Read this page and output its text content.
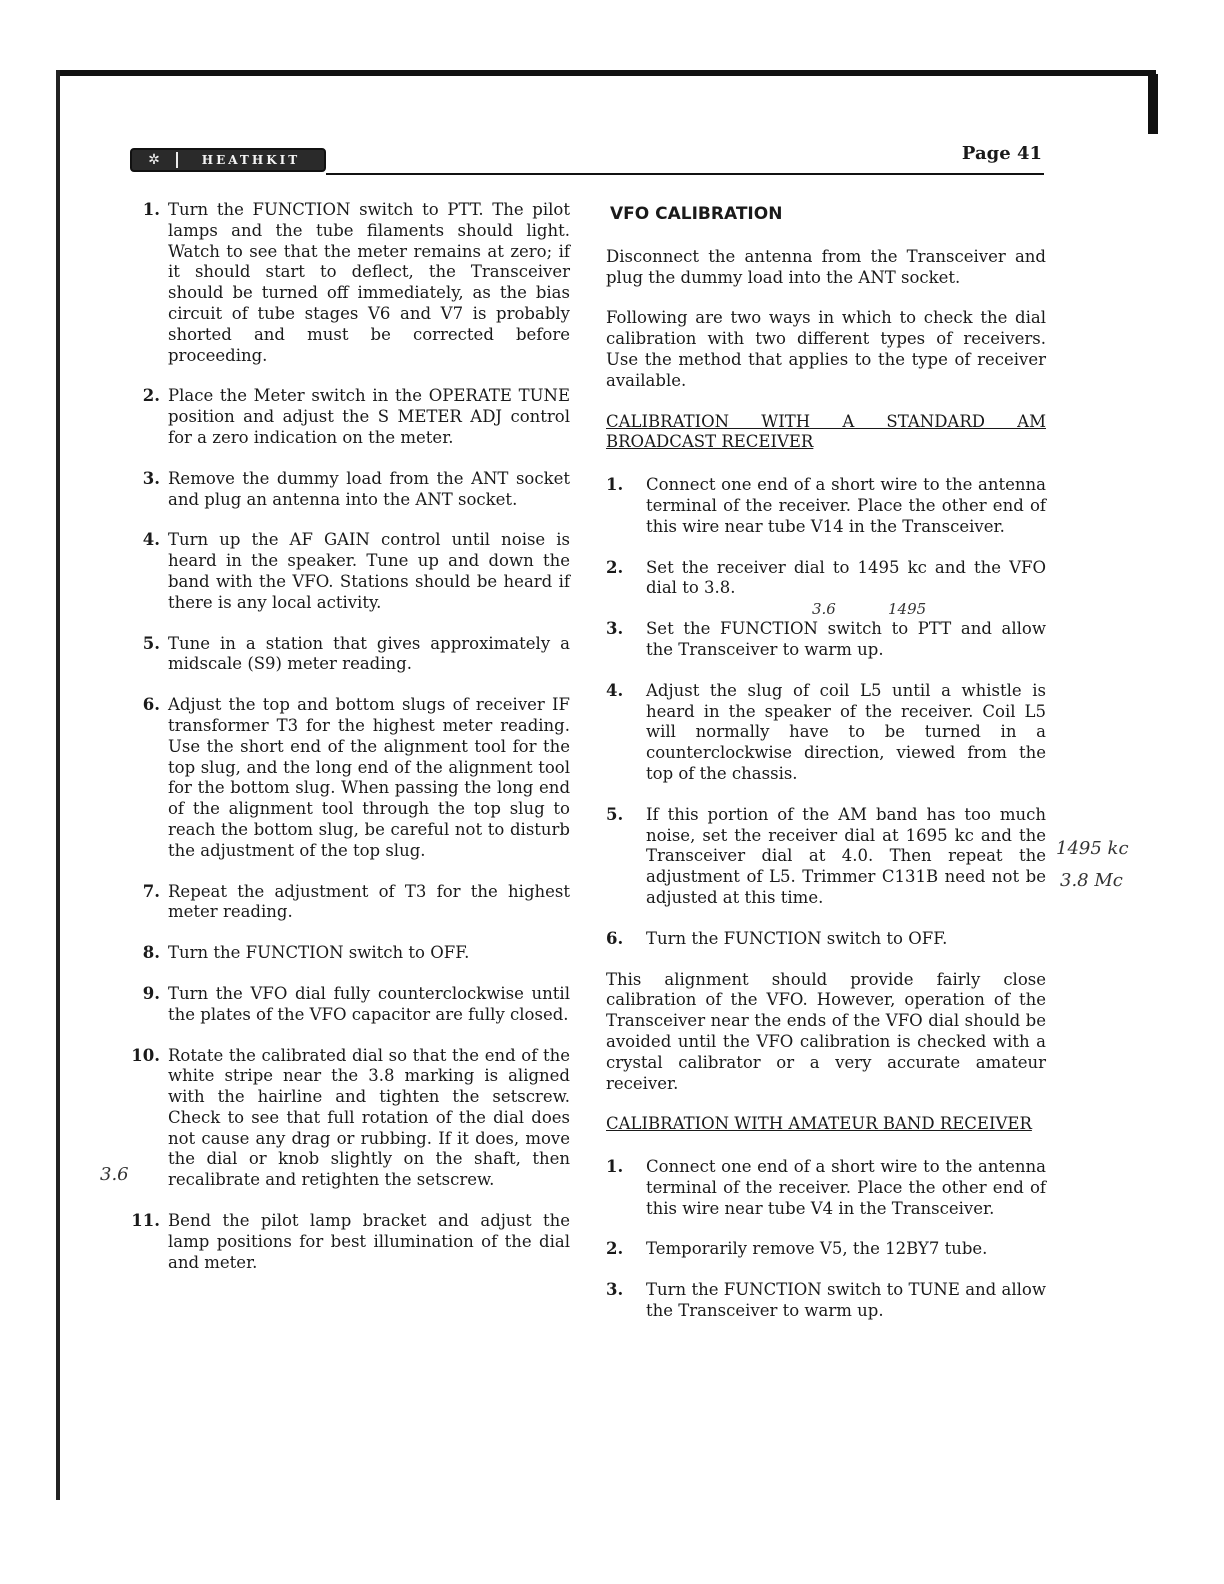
✲	HEATHKIT	Page 41
1. Turn the FUNCTION switch to PTT. The pilot lamps and the tube filaments should light. Watch to see that the meter remains at zero; if it should start to deflect, the Transceiver should be turned off immediately, as the bias circuit of tube stages V6 and V7 is probably shorted and must be corrected before proceeding.
2. Place the Meter switch in the OPERATE TUNE position and adjust the S METER ADJ control for a zero indication on the meter.
3. Remove the dummy load from the ANT socket and plug an antenna into the ANT socket.
4. Turn up the AF GAIN control until noise is heard in the speaker. Tune up and down the band with the VFO. Stations should be heard if there is any local activity.
5. Tune in a station that gives approximately a midscale (S9) meter reading.
6. Adjust the top and bottom slugs of receiver IF transformer T3 for the highest meter reading. Use the short end of the alignment tool for the top slug, and the long end of the alignment tool for the bottom slug. When passing the long end of the alignment tool through the top slug to reach the bottom slug, be careful not to disturb the adjustment of the top slug.
7. Repeat the adjustment of T3 for the highest meter reading.
8. Turn the FUNCTION switch to OFF.
9. Turn the VFO dial fully counterclockwise until the plates of the VFO capacitor are fully closed.
10. Rotate the calibrated dial so that the end of the white stripe near the 3.8 marking is aligned with the hairline and tighten the setscrew. Check to see that full rotation of the dial does not cause any drag or rubbing. If it does, move the dial or knob slightly on the shaft, then recalibrate and retighten the setscrew.
11. Bend the pilot lamp bracket and adjust the lamp positions for best illumination of the dial and meter.
VFO CALIBRATION

Disconnect the antenna from the Transceiver and plug the dummy load into the ANT socket.

Following are two ways in which to check the dial calibration with two different types of receivers. Use the method that applies to the type of receiver available.

CALIBRATION WITH A STANDARD AM BROADCAST RECEIVER
1.	Connect one end of a short wire to the antenna terminal of the receiver. Place the other end of this wire near tube V14 in the Transceiver.
2.	Set the receiver dial to 1495 kc and the VFO dial to 3.8.
3.	Set the FUNCTION switch to PTT and allow the Transceiver to warm up.
4.	Adjust the slug of coil L5 until a whistle is heard in the speaker of the receiver. Coil L5 will normally have to be turned in a counterclockwise direction, viewed from the top of the chassis.
5.	If this portion of the AM band has too much noise, set the receiver dial at 1695 kc and the Transceiver dial at 4.0. Then repeat the adjustment of L5. Trimmer C131B need not be adjusted at this time.
6.	Turn the FUNCTION switch to OFF.

This alignment should provide fairly close calibration of the VFO. However, operation of the Transceiver near the ends of the VFO dial should be avoided until the VFO calibration is checked with a crystal calibrator or a very accurate amateur receiver.

CALIBRATION WITH AMATEUR BAND RECEIVER
1.	Connect one end of a short wire to the antenna terminal of the receiver. Place the other end of this wire near tube V4 in the Transceiver.
2.	Temporarily remove V5, the 12BY7 tube.
3.	Turn the FUNCTION switch to TUNE and allow the Transceiver to warm up.
3.6	1495
1495 kc
3.8 Mc
3.6
